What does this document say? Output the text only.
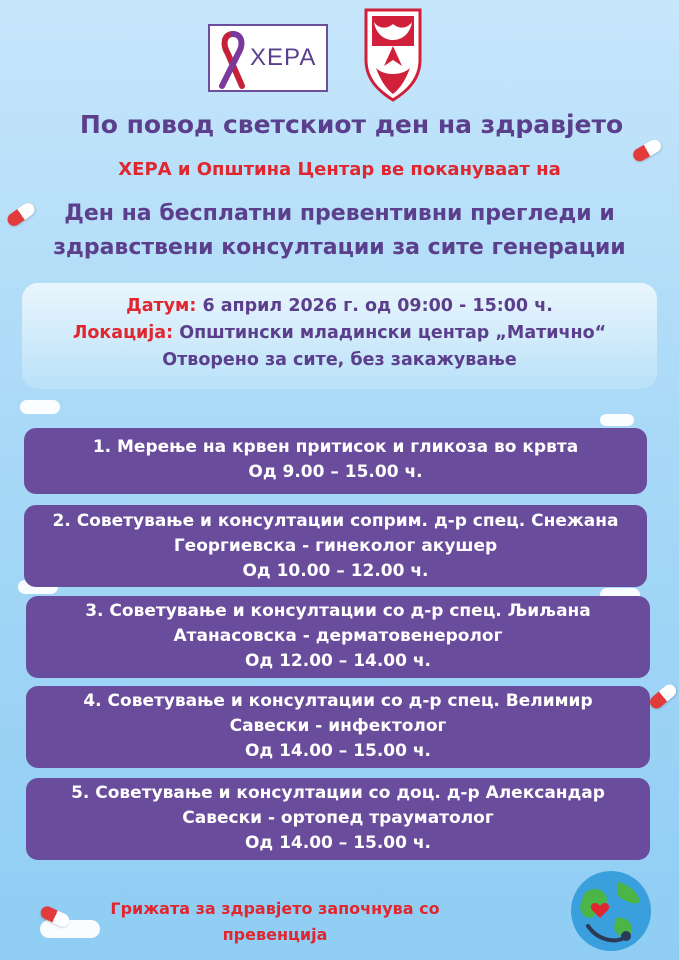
ХЕРА
По повод светскиот ден на здравјето
ХЕРА и Општина Центар ве покануваат на
Ден на бесплатни превентивни прегледи и
здравствени консултации за сите генерации
Датум: 6 април 2026 г. од 09:00 - 15:00 ч.
Локација: Општински младински центар „Матично“
Отворено за сите, без закажување
1. Мерење на крвен притисок и гликоза во крвта
Од 9.00 – 15.00 ч.
2. Советување и консултации соприм. д-р спец. Снежана
Георгиевска - гинеколог акушер
Од 10.00 – 12.00 ч.
3. Советување и консултации со д-р спец. Љиљана
Атанасовска - дерматовенеролог
Од 12.00 – 14.00 ч.
4. Советување и консултации со д-р спец. Велимир
Савески - инфектолог
Од 14.00 – 15.00 ч.
5. Советување и консултации со доц. д-р Александар
Савески - ортопед трауматолог
Од 14.00 – 15.00 ч.
Грижата за здравјето започнува со
превенција
